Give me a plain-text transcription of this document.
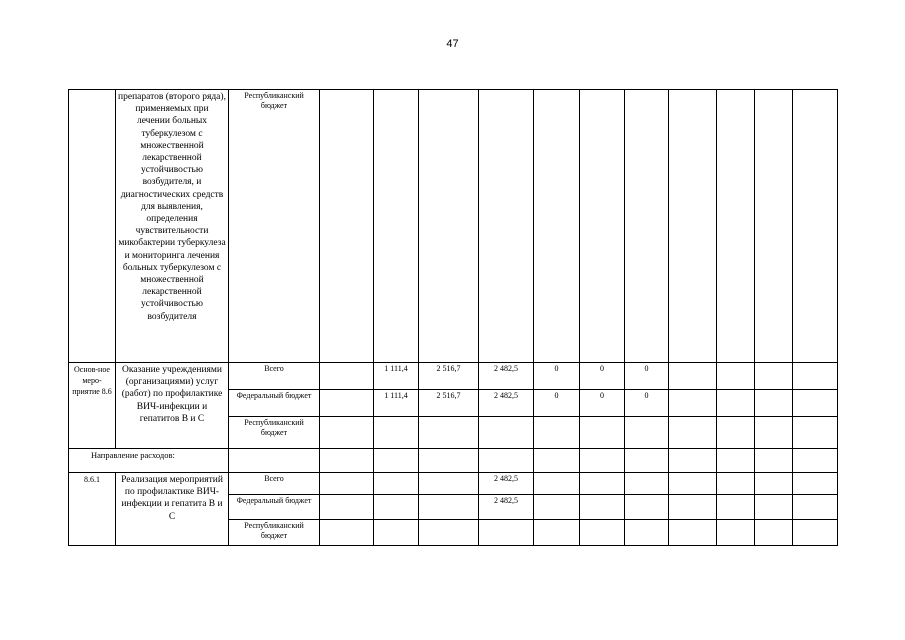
47
	препаратов (второго ряда), применяемых при лечении больных туберкулезом с множественной лекарственной устойчивостью возбудителя, и диагностических средств для выявления, определения чувствительности микобактерии туберкулеза и мониторинга лечения больных туберкулезом с множественной лекарственной устойчивостью возбудителя	Республиканский бюджет											
Основ-ное меро-приятие 8.6	Оказание учреждениями (организациями) услуг (работ) по профилактике ВИЧ-инфекции и гепатитов В и С	Всего		1 111,4	2 516,7	2 482,5	0	0	0				
		Федеральный бюджет		1 111,4	2 516,7	2 482,5	0	0	0				
		Республиканский бюджет											
Направление расходов:													
8.6.1	Реализация мероприятий по профилактике ВИЧ-инфекции и гепатита В и С	Всего				2 482,5							
		Федеральный бюджет				2 482,5							
		Республиканский бюджет											
